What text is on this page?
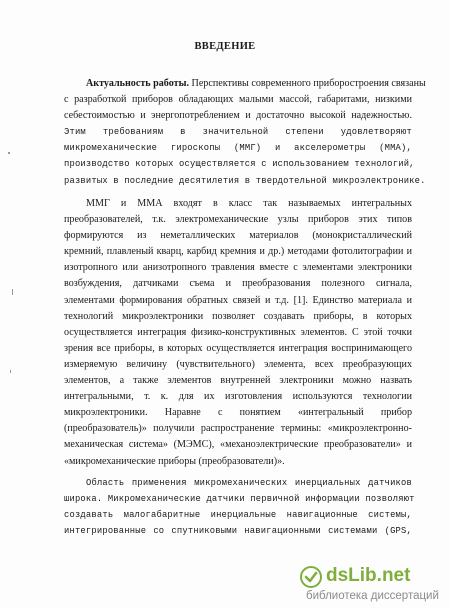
ВВЕДЕНИЕ
Актуальность работы. Перспективы современного приборостроения связаны
с разработкой приборов обладающих малыми массой, габаритами, низкими
себестоимостью и энергопотреблением и достаточно высокой надежностью.
Этим требованиям в значительной степени удовлетворяют
микромеханические гироскопы (ММГ) и акселерометры (ММА),
производство которых осуществляется с использованием технологий,
развитых в последние десятилетия в твердотельной микроэлектронике.
ММГ и ММА входят в класс так называемых интегральных
преобразователей, т.к. электромеханические узлы приборов этих типов
формируются из неметаллических материалов (монокристаллический
кремний, плавленый кварц, карбид кремния и др.) методами фотолитографии и
изотропного или анизотропного травления вместе с элементами электроники
возбуждения, датчиками съема и преобразования полезного сигнала,
элементами формирования обратных связей и т.д. [1]. Единство материала и
технологий микроэлектроники позволяет создавать приборы, в которых
осуществляется интеграция физико-конструктивных элементов. С этой точки
зрения все приборы, в которых осуществляется интеграция воспринимающего
измеряемую величину (чувствительного) элемента, всех преобразующих
элементов, а также элементов внутренней электроники можно назвать
интегральными, т. к. для их изготовления используются технологии
микроэлектроники. Наравне с понятием «интегральный прибор
(преобразователь)» получили распространение термины: «микроэлектронно-
механическая система» (МЭМС), «механоэлектрические преобразователи» и
«микромеханические приборы (преобразователи)».
Область применения микромеханических инерциальных датчиков
широка. Микромеханические датчики первичной информации позволяют
создавать малогабаритные инерциальные навигационные системы,
интегрированные со спутниковыми навигационными системами (GPS,
dsLib.net
библиотека диссертаций
